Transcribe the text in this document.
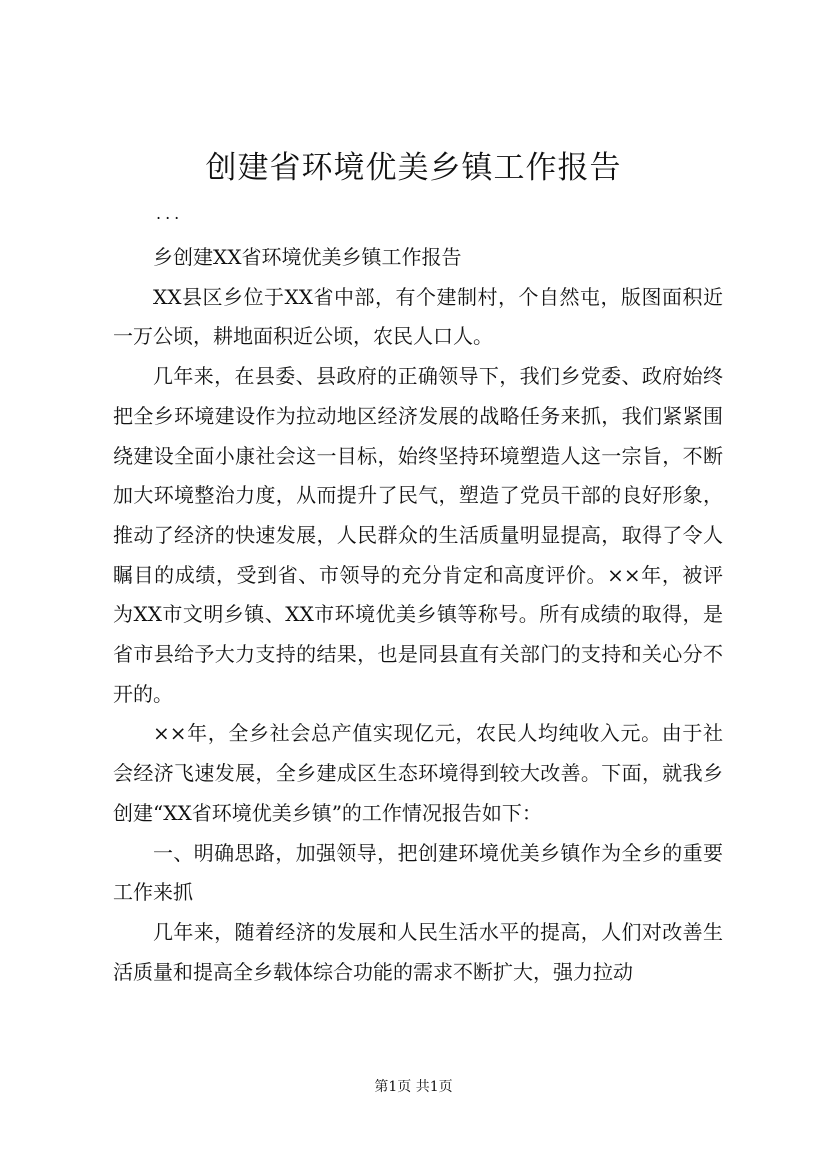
创建省环境优美乡镇工作报告
...

乡创建XX省环境优美乡镇工作报告

XX县区乡位于XX省中部，有个建制村，个自然屯，版图面积近一万公顷，耕地面积近公顷，农民人口人。

几年来，在县委、县政府的正确领导下，我们乡党委、政府始终把全乡环境建设作为拉动地区经济发展的战略任务来抓，我们紧紧围绕建设全面小康社会这一目标，始终坚持环境塑造人这一宗旨，不断加大环境整治力度，从而提升了民气，塑造了党员干部的良好形象，推动了经济的快速发展，人民群众的生活质量明显提高，取得了令人瞩目的成绩，受到省、市领导的充分肯定和高度评价。××年，被评为XX市文明乡镇、XX市环境优美乡镇等称号。所有成绩的取得，是省市县给予大力支持的结果，也是同县直有关部门的支持和关心分不开的。

××年，全乡社会总产值实现亿元，农民人均纯收入元。由于社会经济飞速发展，全乡建成区生态环境得到较大改善。下面，就我乡创建“XX省环境优美乡镇”的工作情况报告如下：

一、明确思路，加强领导，把创建环境优美乡镇作为全乡的重要工作来抓

几年来，随着经济的发展和人民生活水平的提高，人们对改善生活质量和提高全乡载体综合功能的需求不断扩大，强力拉动

第1页 共1页
